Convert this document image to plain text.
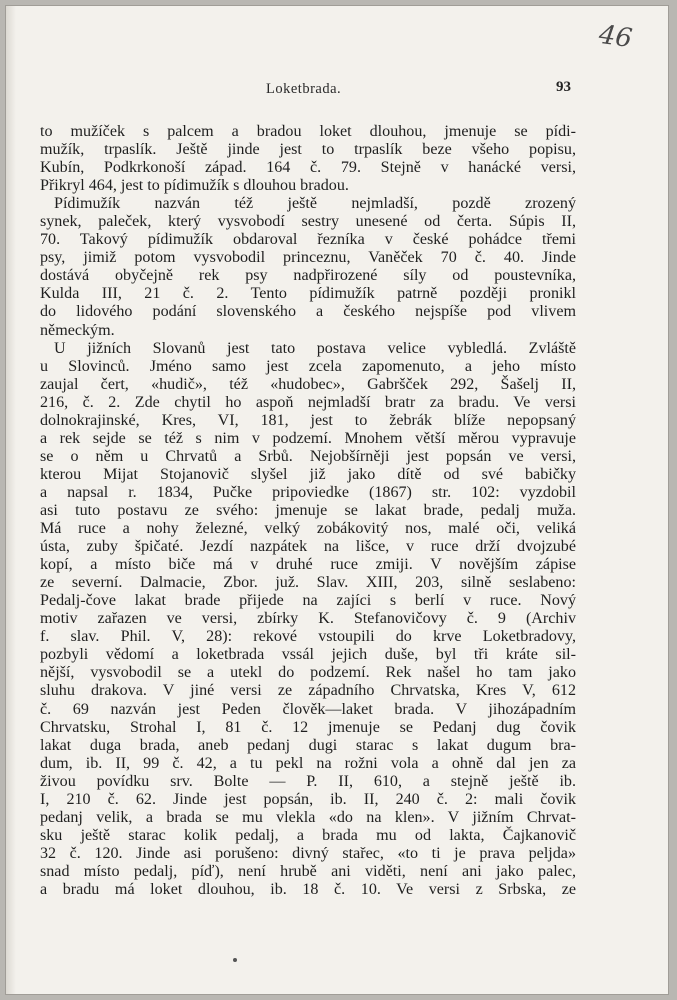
46
Loketbrada.	93
to mužíček s palcem a bradou loket dlouhou, jmenuje se pídi-
mužík, trpaslík. Ještě jinde jest to trpaslík beze všeho popisu,
Kubín, Podkrkonoší západ. 164 č. 79. Stejně v hanácké versi,
Přikryl 464, jest to pídimužík s dlouhou bradou.
Pídimužík nazván též ještě nejmladší, pozdě zrozený
synek, paleček, který vysvobodí sestry unesené od čerta. Súpis II,
70. Takový pídimužík obdaroval řezníka v české pohádce třemi
psy, jimiž potom vysvobodil princeznu, Vaněček 70 č. 40. Jinde
dostává obyčejně rek psy nadpřirozené síly od poustevníka,
Kulda III, 21 č. 2. Tento pídimužík patrně později pronikl
do lidového podání slovenského a českého nejspíše pod vlivem
německým.
U jižních Slovanů jest tato postava velice vybledlá. Zvláště
u Slovinců. Jméno samo jest zcela zapomenuto, a jeho místo
zaujal čert, «hudič», též «hudobec», Gabršček 292, Šašelj II,
216, č. 2. Zde chytil ho aspoň nejmladší bratr za bradu. Ve versi
dolnokrajinské, Kres, VI, 181, jest to žebrák blíže nepopsaný
a rek sejde se též s nim v podzemí. Mnohem větší měrou vypravuje
se o něm u Chrvatů a Srbů. Nejobšírněji jest popsán ve versi,
kterou Mijat Stojanovič slyšel již jako dítě od své babičky
a napsal r. 1834, Pučke pripoviedke (1867) str. 102: vyzdobil
asi tuto postavu ze svého: jmenuje se lakat brade, pedalj muža.
Má ruce a nohy železné, velký zobákovitý nos, malé oči, veliká
ústa, zuby špičaté. Jezdí nazpátek na lišce, v ruce drží dvojzubé
kopí, a místo biče má v druhé ruce zmiji. V novějším zápise
ze severní. Dalmacie, Zbor. juž. Slav. XIII, 203, silně seslabeno:
Pedalj-čove lakat brade přijede na zajíci s berlí v ruce. Nový
motiv zařazen ve versi, zbírky K. Stefanovičovy č. 9 (Archiv
f. slav. Phil. V, 28): rekové vstoupili do krve Loketbradovy,
pozbyli vědomí a loketbrada vssál jejich duše, byl tři kráte sil-
nější, vysvobodil se a utekl do podzemí. Rek našel ho tam jako
sluhu drakova. V jiné versi ze západního Chrvatska, Kres V, 612
č. 69 nazván jest Peden člověk—laket brada. V jihozápadním
Chrvatsku, Strohal I, 81 č. 12 jmenuje se Pedanj dug čovik
lakat duga brada, aneb pedanj dugi starac s lakat dugum bra-
dum, ib. II, 99 č. 42, a tu pekl na rožni vola a ohně dal jen za
živou povídku srv. Bolte — P. II, 610, a stejně ještě ib.
I, 210 č. 62. Jinde jest popsán, ib. II, 240 č. 2: mali čovik
pedanj velik, a brada se mu vlekla «do na klen». V jižním Chrvat-
sku ještě starac kolik pedalj, a brada mu od lakta, Čajkanovič
32 č. 120. Jinde asi porušeno: divný stařec, «to ti je prava peljda»
snad místo pedalj, píď), není hrubě ani viděti, není ani jako palec,
a bradu má loket dlouhou, ib. 18 č. 10. Ve versi z Srbska, ze
